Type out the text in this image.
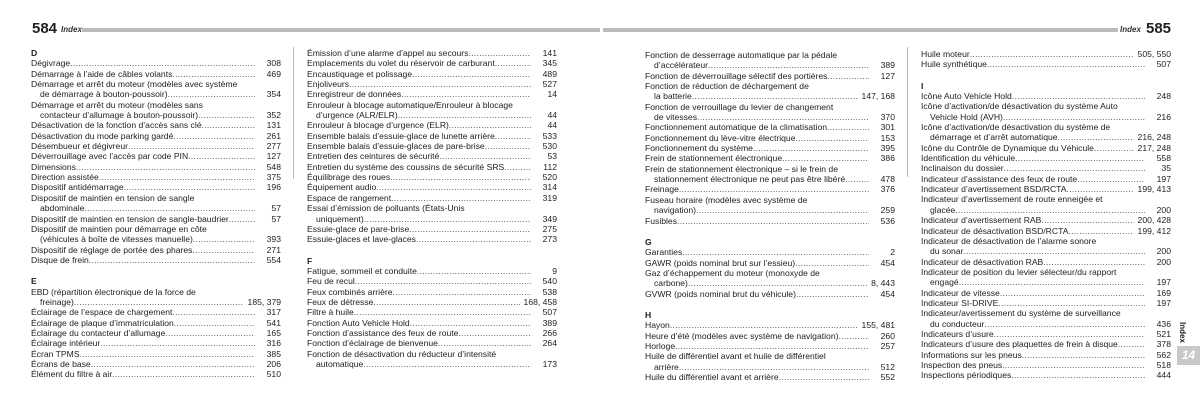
584 Index	Index 585
D
Dégivrage .....	308
Démarrage à l’aide de câbles volants .....	469
Démarrage et arrêt du moteur (modèles avec système
de démarrage à bouton-poussoir) .....	354
Démarrage et arrêt du moteur (modèles sans
contacteur d’allumage à bouton-poussoir) .....	352
Désactivation de la fonction d’accès sans clé .....	131
Désactivation du mode parking gardé .....	261
Désembueur et dégivreur .....	277
Déverrouillage avec l’accès par code PIN .....	127
Dimensions .....	548
Direction assistée .....	375
Dispositif antidémarrage .....	196
Dispositif de maintien en tension de sangle
abdominale .....	57
Dispositif de maintien en tension de sangle-baudrier .....	57
Dispositif de maintien pour démarrage en côte
(véhicules à boîte de vitesses manuelle) .....	393
Dispositif de réglage de portée des phares .....	271
Disque de frein .....	554
E
EBD (répartition électronique de la force de
freinage) .....	185, 379
Éclairage de l’espace de chargement .....	317
Éclairage de plaque d’immatriculation .....	541
Éclairage du contacteur d’allumage .....	165
Éclairage intérieur .....	316
Écran TPMS .....	385
Écrans de base .....	206
Élément du filtre à air .....	510
Émission d’une alarme d’appel au secours .....	141
Emplacements du volet du réservoir de carburant .....	345
Encaustiquage et polissage .....	489
Enjoliveurs .....	527
Enregistreur de données .....	14
Enrouleur à blocage automatique/Enrouleur à blocage
d’urgence (ALR/ELR) .....	44
Enrouleur à blocage d’urgence (ELR) .....	44
Ensemble balais d’essuie-glace de lunette arrière .....	533
Ensemble balais d’essuie-glaces de pare-brise .....	530
Entretien des ceintures de sécurité .....	53
Entretien du système des coussins de sécurité SRS .....	112
Équilibrage des roues .....	520
Équipement audio .....	314
Espace de rangement .....	319
Essai d’émission de polluants (États-Unis
uniquement) .....	349
Essuie-glace de pare-brise .....	275
Essuie-glaces et lave-glaces .....	273
F
Fatigue, sommeil et conduite .....	9
Feu de recul .....	540
Feux combinés arrière .....	538
Feux de détresse .....	168, 458
Filtre à huile .....	507
Fonction Auto Vehicle Hold .....	389
Fonction d’assistance des feux de route .....	266
Fonction d’éclairage de bienvenue .....	264
Fonction de désactivation du réducteur d’intensité
automatique .....	173
Fonction de desserrage automatique par la pédale
d’accélérateur .....	389
Fonction de déverrouillage sélectif des portières .....	127
Fonction de réduction de déchargement de
la batterie .....	147, 168
Fonction de verrouillage du levier de changement
de vitesses .....	370
Fonctionnement automatique de la climatisation .....	301
Fonctionnement du lève-vitre électrique .....	153
Fonctionnement du système .....	395
Frein de stationnement électronique .....	386
Frein de stationnement électronique – si le frein de
stationnement électronique ne peut pas être libéré .....	478
Freinage .....	376
Fuseau horaire (modèles avec système de
navigation) .....	259
Fusibles .....	536
G
Garanties .....	2
GAWR (poids nominal brut sur l’essieu) .....	454
Gaz d’échappement du moteur (monoxyde de
carbone) .....	8, 443
GVWR (poids nominal brut du véhicule) .....	454
H
Hayon .....	155, 481
Heure d’été (modèles avec système de navigation) .....	260
Horloge .....	257
Huile de différentiel avant et huile de différentiel
arrière .....	512
Huile du différentiel avant et arrière .....	552
Huile moteur .....	505, 550
Huile synthétique .....	507
I
Icône Auto Vehicle Hold .....	248
Icône d’activation/de désactivation du système Auto
Vehicle Hold (AVH) .....	216
Icône d’activation/de désactivation du système de
démarrage et d’arrêt automatique .....	216, 248
Icône du Contrôle de Dynamique du Véhicule .....	217, 248
Identification du véhicule .....	558
Inclinaison du dossier .....	35
Indicateur d’assistance des feux de route .....	197
Indicateur d’avertissement BSD/RCTA .....	199, 413
Indicateur d’avertissement de route enneigée et
glacée .....	200
Indicateur d’avertissement RAB .....	200, 428
Indicateur de désactivation BSD/RCTA .....	199, 412
Indicateur de désactivation de l’alarme sonore
du sonar .....	200
Indicateur de désactivation RAB .....	200
Indicateur de position du levier sélecteur/du rapport
engagé .....	197
Indicateur de vitesse .....	169
Indicateur SI-DRIVE .....	197
Indicateur/avertissement du système de surveillance
du conducteur .....	436
Indicateurs d’usure .....	521
Indicateurs d’usure des plaquettes de frein à disque .....	378
Informations sur les pneus .....	562
Inspection des pneus .....	518
Inspections périodiques .....	444
Index
14
